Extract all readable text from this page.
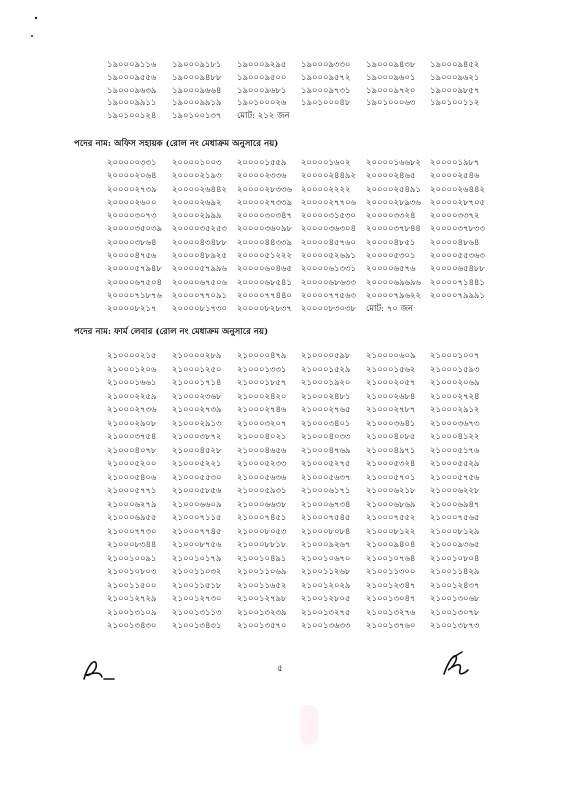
১৯০০০৯১১৬ ১৯০০০৯১৮১ ১৯০০০৯২৯৫ ১৯০০০৯৩৩০ ১৯০০০৯৪৩৮ ১৯০০০৯৪৫২
১৯০০০৯৫৫৬ ১৯০০০৯৪৮৮ ১৯০০০৯৫০০ ১৯০০০৯৫৭২ ১৯০০০৯৬০১ ১৯০০০৯৬২১
১৯০০০৯৬৩৯ ১৯০০০৯৬৬৪ ১৯০০০৯৬৮১ ১৯০০০৯৭৩১ ১৯০০০৯৭২০ ১৯০০০৯৮৫৭
১৯০০০৯৯১১ ১৯০০০৯৯১৯ ১৯০১০০০২৬ ১৯০১০০০৪৮ ১৯০১০০০৬৩ ১৯০১০০১১২
১৯০১০০১২৪ ১৯০১০০১৩৭ মোট: ২১২ জন
পদের নাম: অফিস সহায়ক (রোল নং মেধাক্রম অনুসারে নয়)
২০০০০০৩৩১ ২০০০০১০০৩ ২০০০০১৫৫৯ ২০০০০১৬০২ ২০০০০১৬৬৮২ ২০০০০১৯৮৭
২০০০০২০৬৪ ২০০০০২১৯৩ ২০০০০২৩৩৬ ২০০০০২৪৪৯২ ২০০০০২৪৬৫ ২০০০০২৫৪৬
২০০০০২৭৩৯ ২০০০০২৬৪৪২ ২০০০০২৮৩৩৬ ২০০০০২২২২ ২০০০০২৫৪৯১ ২০০০০২৬৪৪২
২০০০০২৬০০ ২০০০০২৬৯২ ২০০০০২৭৩৩৯ ২০০০০২৭৭০৬ ২০০০০২৮৯৩৬ ২০০০০২৮৭০৫
২০০০০৩০৭৩ ২০০০০২৯৯৯ ২০০০০৩০৩৪৭ ২০০০০৩১৫৩০ ২০০০০৩৩২৪ ২০০০০৩৩৭২
২০০০০৩৫০৩৯ ২০০০০৩৫২৫৩ ২০০০০৩৬০৯৮ ২০০০০৩৬৩০৪ ২০০০০৩৭৮৪৪ ২০০০০৩৭৮৩৩
২০০০০৩৮৬৪ ২০০০০৪৩৪৮৮ ২০০০০৪৪৩৩৯ ২০০০০৪৫৭৬০ ২০০০০৪৮৫১ ২০০০০৪৮৬৪
২০০০০৪৭৫৬ ২০০০০৪৮৯২৫ ২০০০০৫১২২২ ২০০০০৫২৬৯১ ২০০০০৫৩০১ ২০০০০৫৫৩৬৩
২০০০০৫৭৯৪৮ ২০০০০৫৭৯৯৬ ২০০০০৬০৪৬৫ ২০০০০৬১৩৩১ ২০০০০৬৫৭৬ ২০০০০৬৫৪৮৮
২০০০০৬৭৫০৪ ২০০০০৬৭৫০৬ ২০০০০৬৮৫৪১ ২০০০০৬৮৬৩৩ ২০০০০৬৯৬৯৬ ২০০০০৭১৪৪১
২০০০০৭১৮৭৬ ২০০০০৭৭০৯১ ২০০০০৭৭৪৪০ ২০০০০৭৭৫৬৩ ২০০০০৭৯৬২২ ২০০০০৭৯৯৯১
২০০০০৮২১৭ ২০০০০৮১৭৩০ ২০০০০৮২৮৩৭ ২০০০০৮৩০৩৮ মোট: ৭০ জন
পদের নাম: ফার্ম লেবার (রোল নং মেধাক্রম অনুসারে নয়)
২১০০০০২১৫ ২১০০০০২৮৯ ২১০০০০৪৭৯ ২১০০০০৫৯৮ ২১০০০০৬০৯ ২১০০০১০০৭
২১০০০১২০৬ ২১০০০১২৫০ ২১০০০১৩৩১ ২১০০০১৫২৯ ২১০০০১৫৬২ ২১০০০১৫৯৩
২১০০০১৬৬১ ২১০০০১৭১৪ ২১০০০১৮৫৭ ২১০০০১৯২০ ২১০০০২০৫৭ ২১০০০২০৬৯
২১০০০২২৫৯ ২১০০০২৩৬৮ ২১০০০২৪২০ ২১০০০২৪৮১ ২১০০০২৬৮৪ ২১০০০২৭২৪
২১০০০২৭৩৬ ২১০০০২৭৩৯ ২১০০০২৭৪৬ ২১০০০২৭৬৫ ২১০০০২৭৮৭ ২১০০০২৯১২
২১০০০২৯০৮ ২১০০০২৯১৩ ২১০০০৩২০৭ ২১০০০৩৪০১ ২১০০০৩৬৪১ ২১০০০৩৬৭৩
২১০০০৩৭৫৪ ২১০০০৩৮৭২ ২১০০০৪০২১ ২১০০০৪০৩৩ ২১০০০৪০৮৫ ২১০০০৪১২২
২১০০০৪০৭৮ ২১০০০৪৫২৮ ২১০০০৪৬৫৬ ২১০০০৪৭৬৯ ২১০০০৪৯৭১ ২১০০০৫১৭৬
২১০০০৫২০০ ২১০০০৫২২১ ২১০০০৫২৩৩ ২১০০০৫২৭৫ ২১০০০৫৩২৪ ২১০০০৫৫২৯
২১০০০৫৪০৬ ২১০০০৫৫৩০ ২১০০০৫৬৩৬ ২১০০০৫৬৩৭ ২১০০০৫৭০১ ২১০০০৫৭৫৬
২১০০০৫৭৭১ ২১০০০৫৮৫৬ ২১০০০৫৯৩১ ২১০০০৬১৭১ ২১০০০৬২১৮ ২১০০০৬২২৮
২১০০০৬২৭৯ ২১০০০৬৬০৯ ২১০০০৬৬৩৮ ২১০০০৬৭৩৪ ২১০০০৬৮৬৯ ২১০০০৬৯৪৭
২১০০০৬৯৫৫ ২১০০০৭১১৫ ২১০০০৭৪৫১ ২১০০০৭৫৪৫ ২১০০০৭৫৫২ ২১০০০৭৫৬৫
২১০০০৭৭৩০ ২১০০০৭৭৪৫ ২১০০০৮০৫৩ ২১০০০৮০৮৪ ২১০০০৮১২২ ২১০০০৮১২৯
২১০০০৮৩৪৪ ২১০০০৮৭৫৬ ২১০০০৮৮১৮ ২১০০০৯২৬৭ ২১০০০৯৪০৪ ২১০০০৯৩৬৫
২১০০১০০৯১ ২১০০১০১৭৯ ২১০০১০৪৯১ ২১০০১০৬৭০ ২১০০১০৭৬৪ ২১০০১০৮০৪
২১০০১০৮০৩ ২১০০১১০৩২ ২১০০১১০৬৯ ২১০০১১২৬৮ ২১০০১১৩০০ ২১০০১১৪২৯
২১০০১১৫০০ ২১০০১১৫১৮ ২১০০১১৬৫২ ২১০০১২০২৯ ২১০০১২৩৪৭ ২১০০১২৪৩৭
২১০০১২৭২৯ ২১০০১২৭৩০ ২১০০১২৭৯৮ ২১০০১২৮০৫ ২১০০১৩০৪৭ ২১০০১৩০৬৮
২১০০১৩১০৯ ২১০০১৩১১৩ ২১০০১৩২৩৯ ২১০০১৩২৭৫ ২১০০১৩২৭৬ ২১০০১৩০৭৮
২১০০১৩৪৩০ ২১০০১৩৪৩১ ২১০০১৩৫৭০ ২১০০১৩৬৩৩ ২১০০১৩৭৬০ ২১০০১৩৮৭৩
৫
